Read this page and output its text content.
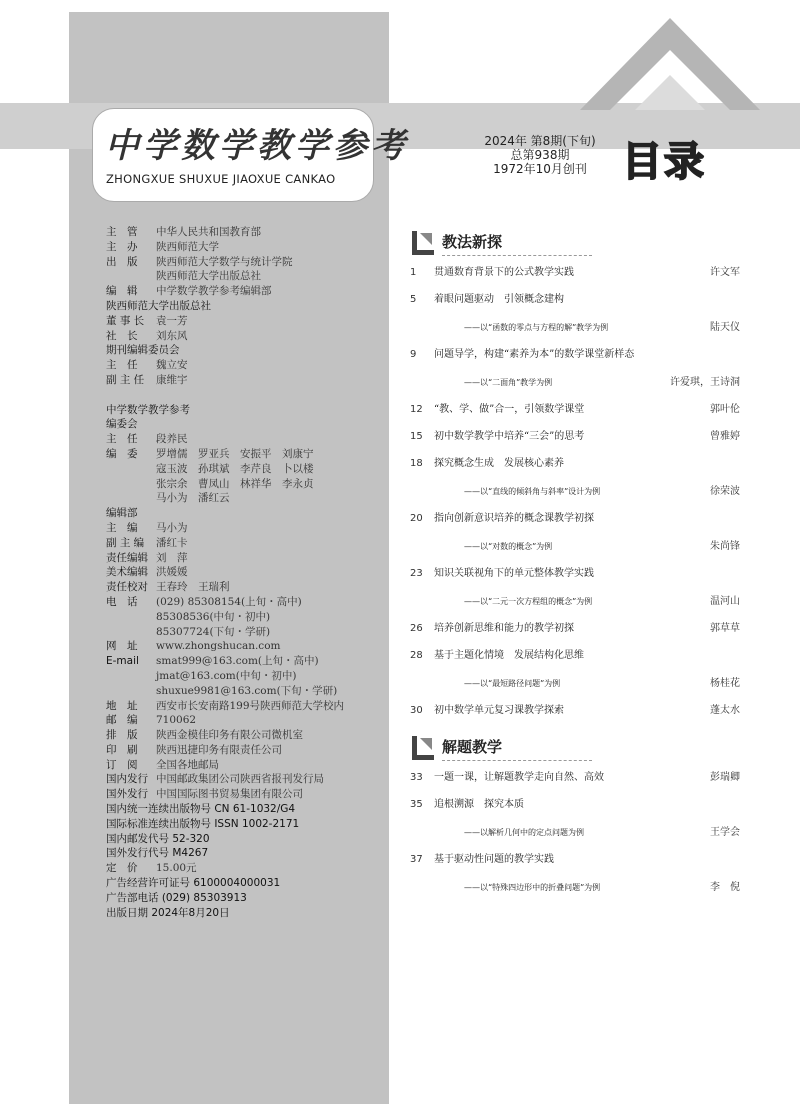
中学数学教学参考
ZHONGXUE SHUXUE JIAOXUE CANKAO
2024年 第8期(下旬)
总第938期
1972年10月创刊 目录
主　管	中华人民共和国教育部
主　办	陕西师范大学
出　版	陕西师范大学数学与统计学院
陕西师范大学出版总社
编　辑	中学数学教学参考编辑部
陕西师范大学出版总社
董 事 长	袁一芳
社　长	刘东风
期刊编辑委员会
主　任	魏立安
副 主 任	康维宇

中学数学教学参考
编委会
主　任	段养民
编　委	罗增儒　罗亚兵　安振平　刘康宁
寇玉波　孙琪斌　李芹良　卜以楼
张宗余　曹凤山　林祥华　李永贞
马小为　潘红云
编辑部
主　编	马小为
副 主 编	潘红卡
责任编辑 刘　萍
美术编辑 洪媛媛
责任校对 王春玲　王瑞利
电　话	(029) 85308154(上旬・高中)
85308536(中旬・初中)
85307724(下旬・学研)
网　址	www.zhongshucan.com
E-mail	smat999@163.com(上旬・高中)
jmat@163.com(中旬・初中)
shuxue9981@163.com(下旬・学研)
地　址	西安市长安南路199号陕西师范大学校内
邮　编	710062
排　版	陕西金模佳印务有限公司微机室
印　刷	陕西迅捷印务有限责任公司
订　阅	全国各地邮局
国内发行 中国邮政集团公司陕西省报刊发行局
国外发行 中国国际图书贸易集团有限公司
国内统一连续出版物号 CN 61-1032/G4
国际标准连续出版物号 ISSN 1002-2171
国内邮发代号 52-320
国外发行代号 M4267
定　价	15.00元
广告经营许可证号 6100004000031
广告部电话 (029) 85303913
出版日期 2024年8月20日
教法新探
1	贯通数育背景下的公式教学实践	许文军
5	着眼问题驱动　引领概念建构
——以“函数的零点与方程的解”教学为例	陆天仪
9	问题导学，构建“素养为本”的数学课堂新样态
——以“二面角”教学为例	许爱琪，王诗洞
12	“教、学、做”合一，引领数学课堂	郭叶伦
15	初中数学教学中培养“三会”的思考	曾雅婷
18	探究概念生成　发展核心素养
——以“直线的倾斜角与斜率”设计为例	徐荣波
20	指向创新意识培养的概念课教学初探
——以“对数的概念”为例	朱尚锋
23	知识关联视角下的单元整体教学实践
——以“二元一次方程组的概念”为例	温河山
26	培养创新思维和能力的教学初探	郭草草
28	基于主题化情境　发展结构化思维
——以“最短路径问题”为例	杨桂花
30	初中数学单元复习课教学探索	蓬太水
解题教学
33	一题一课，让解题教学走向自然、高效	彭瑞卿
35	追根溯源　探究本质
——以解析几何中的定点问题为例	王学会
37	基于驱动性问题的教学实践
——以“特殊四边形中的折叠问题”为例	李　倪
